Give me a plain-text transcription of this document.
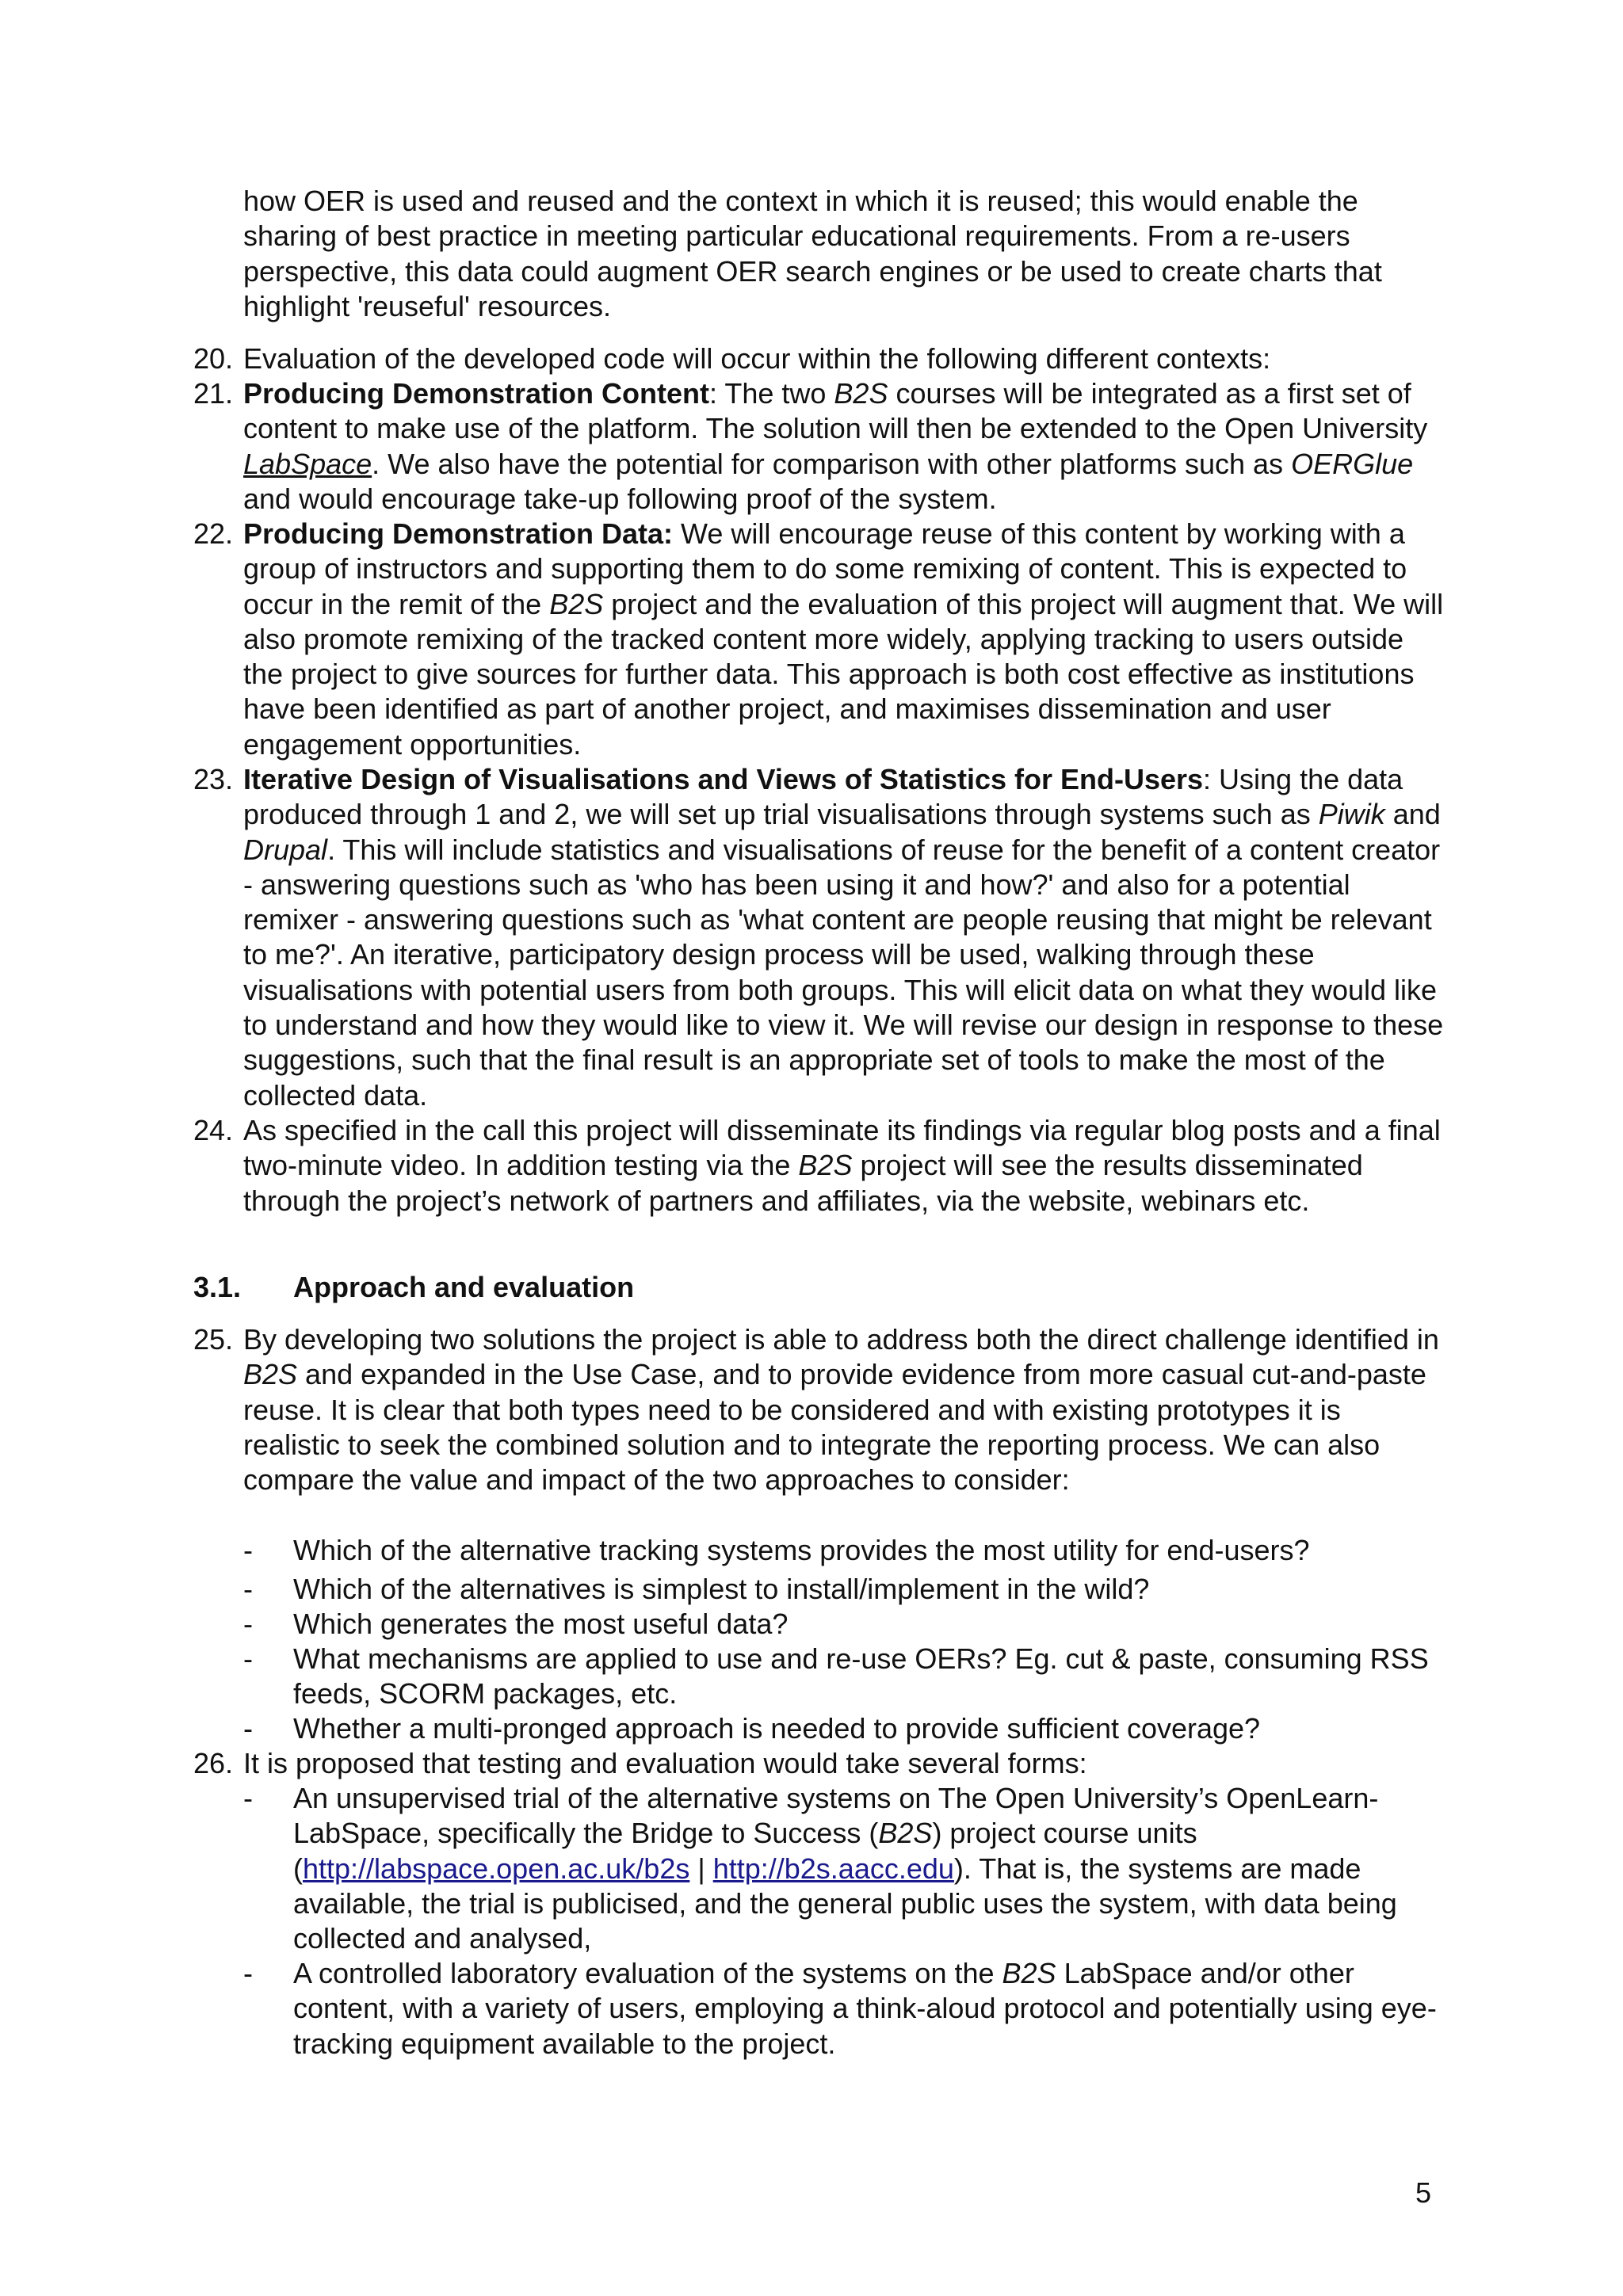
how OER is used and reused and the context in which it is reused; this would enable the sharing of best practice in meeting particular educational requirements. From a re-users perspective, this data could augment OER search engines or be used to create charts that highlight 'reuseful' resources.

20. Evaluation of the developed code will occur within the following different contexts:
21. Producing Demonstration Content: The two B2S courses will be integrated as a first set of content to make use of the platform. The solution will then be extended to the Open University LabSpace. We also have the potential for comparison with other platforms such as OERGlue and would encourage take-up following proof of the system.
22. Producing Demonstration Data: We will encourage reuse of this content by working with a group of instructors and supporting them to do some remixing of content. This is expected to occur in the remit of the B2S project and the evaluation of this project will augment that. We will also promote remixing of the tracked content more widely, applying tracking to users outside the project to give sources for further data. This approach is both cost effective as institutions have been identified as part of another project, and maximises dissemination and user engagement opportunities.
23. Iterative Design of Visualisations and Views of Statistics for End-Users: Using the data produced through 1 and 2, we will set up trial visualisations through systems such as Piwik and Drupal. This will include statistics and visualisations of reuse for the benefit of a content creator - answering questions such as 'who has been using it and how?' and also for a potential remixer - answering questions such as 'what content are people reusing that might be relevant to me?'. An iterative, participatory design process will be used, walking through these visualisations with potential users from both groups. This will elicit data on what they would like to understand and how they would like to view it. We will revise our design in response to these suggestions, such that the final result is an appropriate set of tools to make the most of the collected data.
24. As specified in the call this project will disseminate its findings via regular blog posts and a final two-minute video. In addition testing via the B2S project will see the results disseminated through the project’s network of partners and affiliates, via the website, webinars etc.
3.1. Approach and evaluation
25. By developing two solutions the project is able to address both the direct challenge identified in B2S and expanded in the Use Case, and to provide evidence from more casual cut-and-paste reuse. It is clear that both types need to be considered and with existing prototypes it is realistic to seek the combined solution and to integrate the reporting process. We can also compare the value and impact of the two approaches to consider:
- Which of the alternative tracking systems provides the most utility for end-users?
- Which of the alternatives is simplest to install/implement in the wild?
- Which generates the most useful data?
- What mechanisms are applied to use and re-use OERs? Eg. cut & paste, consuming RSS feeds, SCORM packages, etc.
- Whether a multi-pronged approach is needed to provide sufficient coverage?
26. It is proposed that testing and evaluation would take several forms:
- An unsupervised trial of the alternative systems on The Open University’s OpenLearn-LabSpace, specifically the Bridge to Success (B2S) project course units (http://labspace.open.ac.uk/b2s | http://b2s.aacc.edu). That is, the systems are made available, the trial is publicised, and the general public uses the system, with data being collected and analysed,
- A controlled laboratory evaluation of the systems on the B2S LabSpace and/or other content, with a variety of users, employing a think-aloud protocol and potentially using eye-tracking equipment available to the project.
5
